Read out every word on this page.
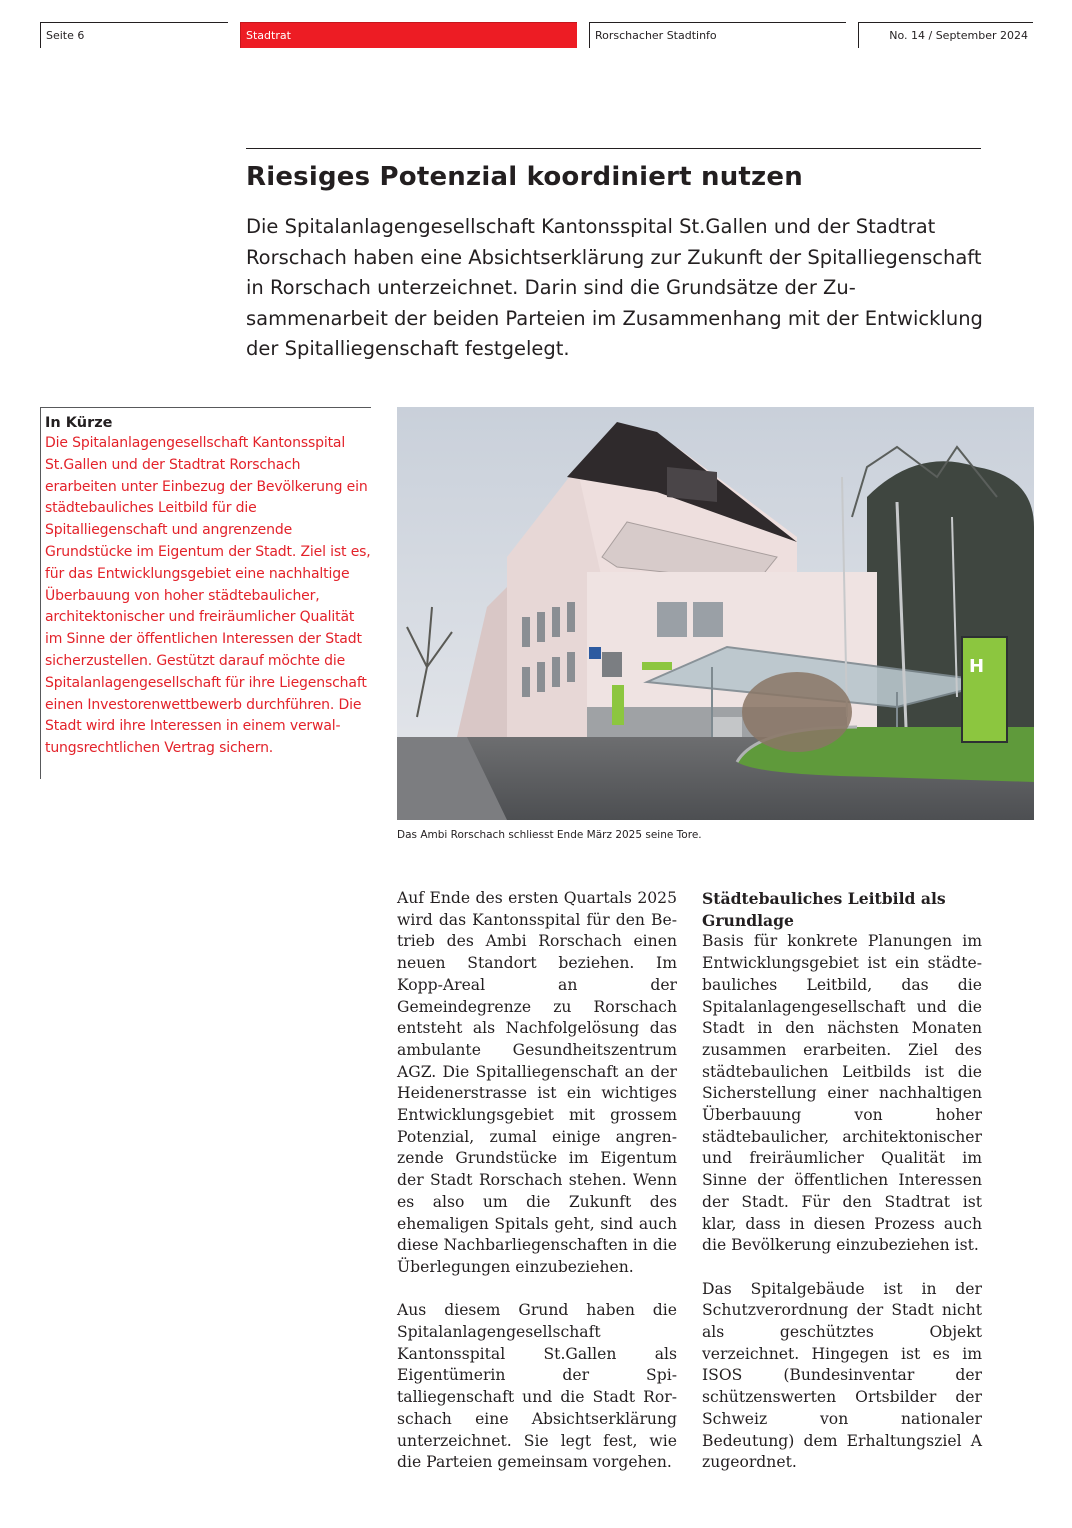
Seite 6	Stadtrat	Rorschacher Stadtinfo	No. 14 / September 2024
Riesiges Potenzial koordiniert nutzen

Die Spitalanlagengesellschaft Kantonsspital St.Gallen und der Stadtrat Rorschach haben eine Absichtserklärung zur Zukunft der Spitalliegenschaft in Rorschach unterzeichnet. Darin sind die Grundsätze der Zusammenarbeit der beiden Parteien im Zusammenhang mit der Entwicklung der Spitalliegenschaft festgelegt.

In Kürze

Die Spitalanlagengesellschaft Kantonsspital St.Gallen und der Stadtrat Rorschach erarbeiten unter Einbezug der Bevölkerung ein städtebauliches Leitbild für die Spitalliegenschaft und angrenzende Grundstücke im Eigentum der Stadt. Ziel ist es, für das Entwicklungsgebiet eine nachhaltige Überbauung von hoher städtebaulicher, architektonischer und freiräumlicher Qualität im Sinne der öffentlichen Interessen der Stadt sicherzustellen. Gestützt darauf möchte die Spitalanlagengesellschaft für ihre Liegenschaft einen Investorenwettbewerb durchführen. Die Stadt wird ihre Interessen in einem verwaltungsrechtlichen Vertrag sichern.

H

Das Ambi Rorschach schliesst Ende März 2025 seine Tore.

Auf Ende des ersten Quartals 2025 wird das Kantonsspital für den Betrieb des Ambi Rorschach einen neuen Standort beziehen. Im Kopp-Areal an der Gemeindegrenze zu Rorschach entsteht als Nachfolgelösung das ambulante Gesundheitszentrum AGZ. Die Spitalliegenschaft an der Heidenerstrasse ist ein wichtiges Entwicklungsgebiet mit grossem Potenzial, zumal einige angrenzende Grundstücke im Eigentum der Stadt Rorschach stehen. Wenn es also um die Zukunft des ehemaligen Spitals geht, sind auch diese Nachbarliegenschaften in die Überlegungen einzubeziehen.

Aus diesem Grund haben die Spitalanlagengesellschaft Kantonsspital St.Gallen als Eigentümerin der Spitalliegenschaft und die Stadt Rorschach eine Absichtserklärung unterzeichnet. Sie legt fest, wie die Parteien gemeinsam vorgehen.

Städtebauliches Leitbild als Grundlage

Basis für konkrete Planungen im Entwicklungsgebiet ist ein städtebauliches Leitbild, das die Spitalanlagengesellschaft und die Stadt in den nächsten Monaten zusammen erarbeiten. Ziel des städtebaulichen Leitbilds ist die Sicherstellung einer nachhaltigen Überbauung von hoher städtebaulicher, architektonischer und freiräumlicher Qualität im Sinne der öffentlichen Interessen der Stadt. Für den Stadtrat ist klar, dass in diesen Prozess auch die Bevölkerung einzubeziehen ist.

Das Spitalgebäude ist in der Schutzverordnung der Stadt nicht als geschütztes Objekt verzeichnet. Hingegen ist es im ISOS (Bundesinventar der schützenswerten Ortsbilder der Schweiz von nationaler Bedeutung) dem Erhaltungsziel A zugeordnet.
